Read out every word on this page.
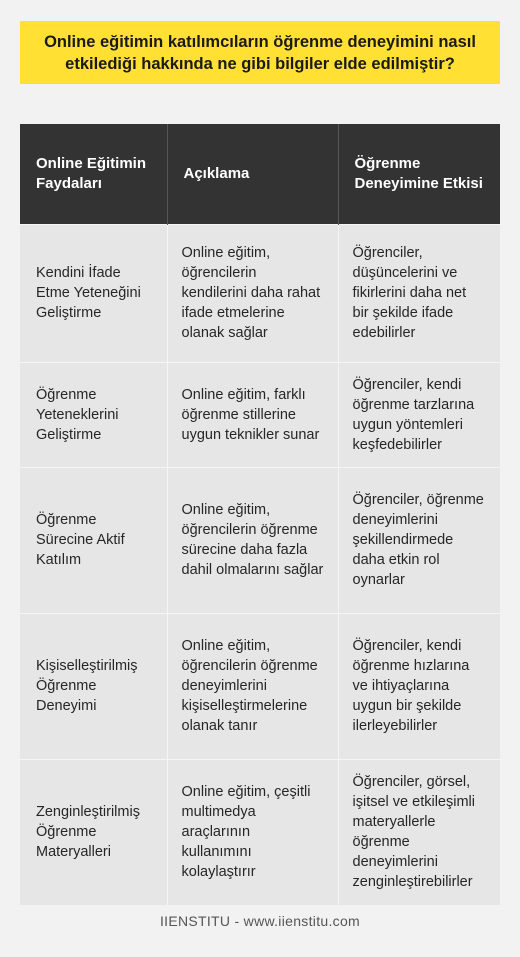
Online eğitimin katılımcıların öğrenme deneyimini nasıl etkilediği hakkında ne gibi bilgiler elde edilmiştir?
Online Eğitimin Faydaları	Açıklama	Öğrenme Deneyimine Etkisi
Kendini İfade Etme Yeteneğini Geliştirme	Online eğitim, öğrencilerin kendilerini daha rahat ifade etmelerine olanak sağlar	Öğrenciler, düşüncelerini ve fikirlerini daha net bir şekilde ifade edebilirler
Öğrenme Yeteneklerini Geliştirme	Online eğitim, farklı öğrenme stillerine uygun teknikler sunar	Öğrenciler, kendi öğrenme tarzlarına uygun yöntemleri keşfedebilirler
Öğrenme Sürecine Aktif Katılım	Online eğitim, öğrencilerin öğrenme sürecine daha fazla dahil olmalarını sağlar	Öğrenciler, öğrenme deneyimlerini şekillendirmede daha etkin rol oynarlar
Kişiselleştirilmiş Öğrenme Deneyimi	Online eğitim, öğrencilerin öğrenme deneyimlerini kişiselleştirmelerine olanak tanır	Öğrenciler, kendi öğrenme hızlarına ve ihtiyaçlarına uygun bir şekilde ilerleyebilirler
Zenginleştirilmiş Öğrenme Materyalleri	Online eğitim, çeşitli multimedya araçlarının kullanımını kolaylaştırır	Öğrenciler, görsel, işitsel ve etkileşimli materyallerle öğrenme deneyimlerini zenginleştirebilirler
IIENSTITU - www.iienstitu.com
